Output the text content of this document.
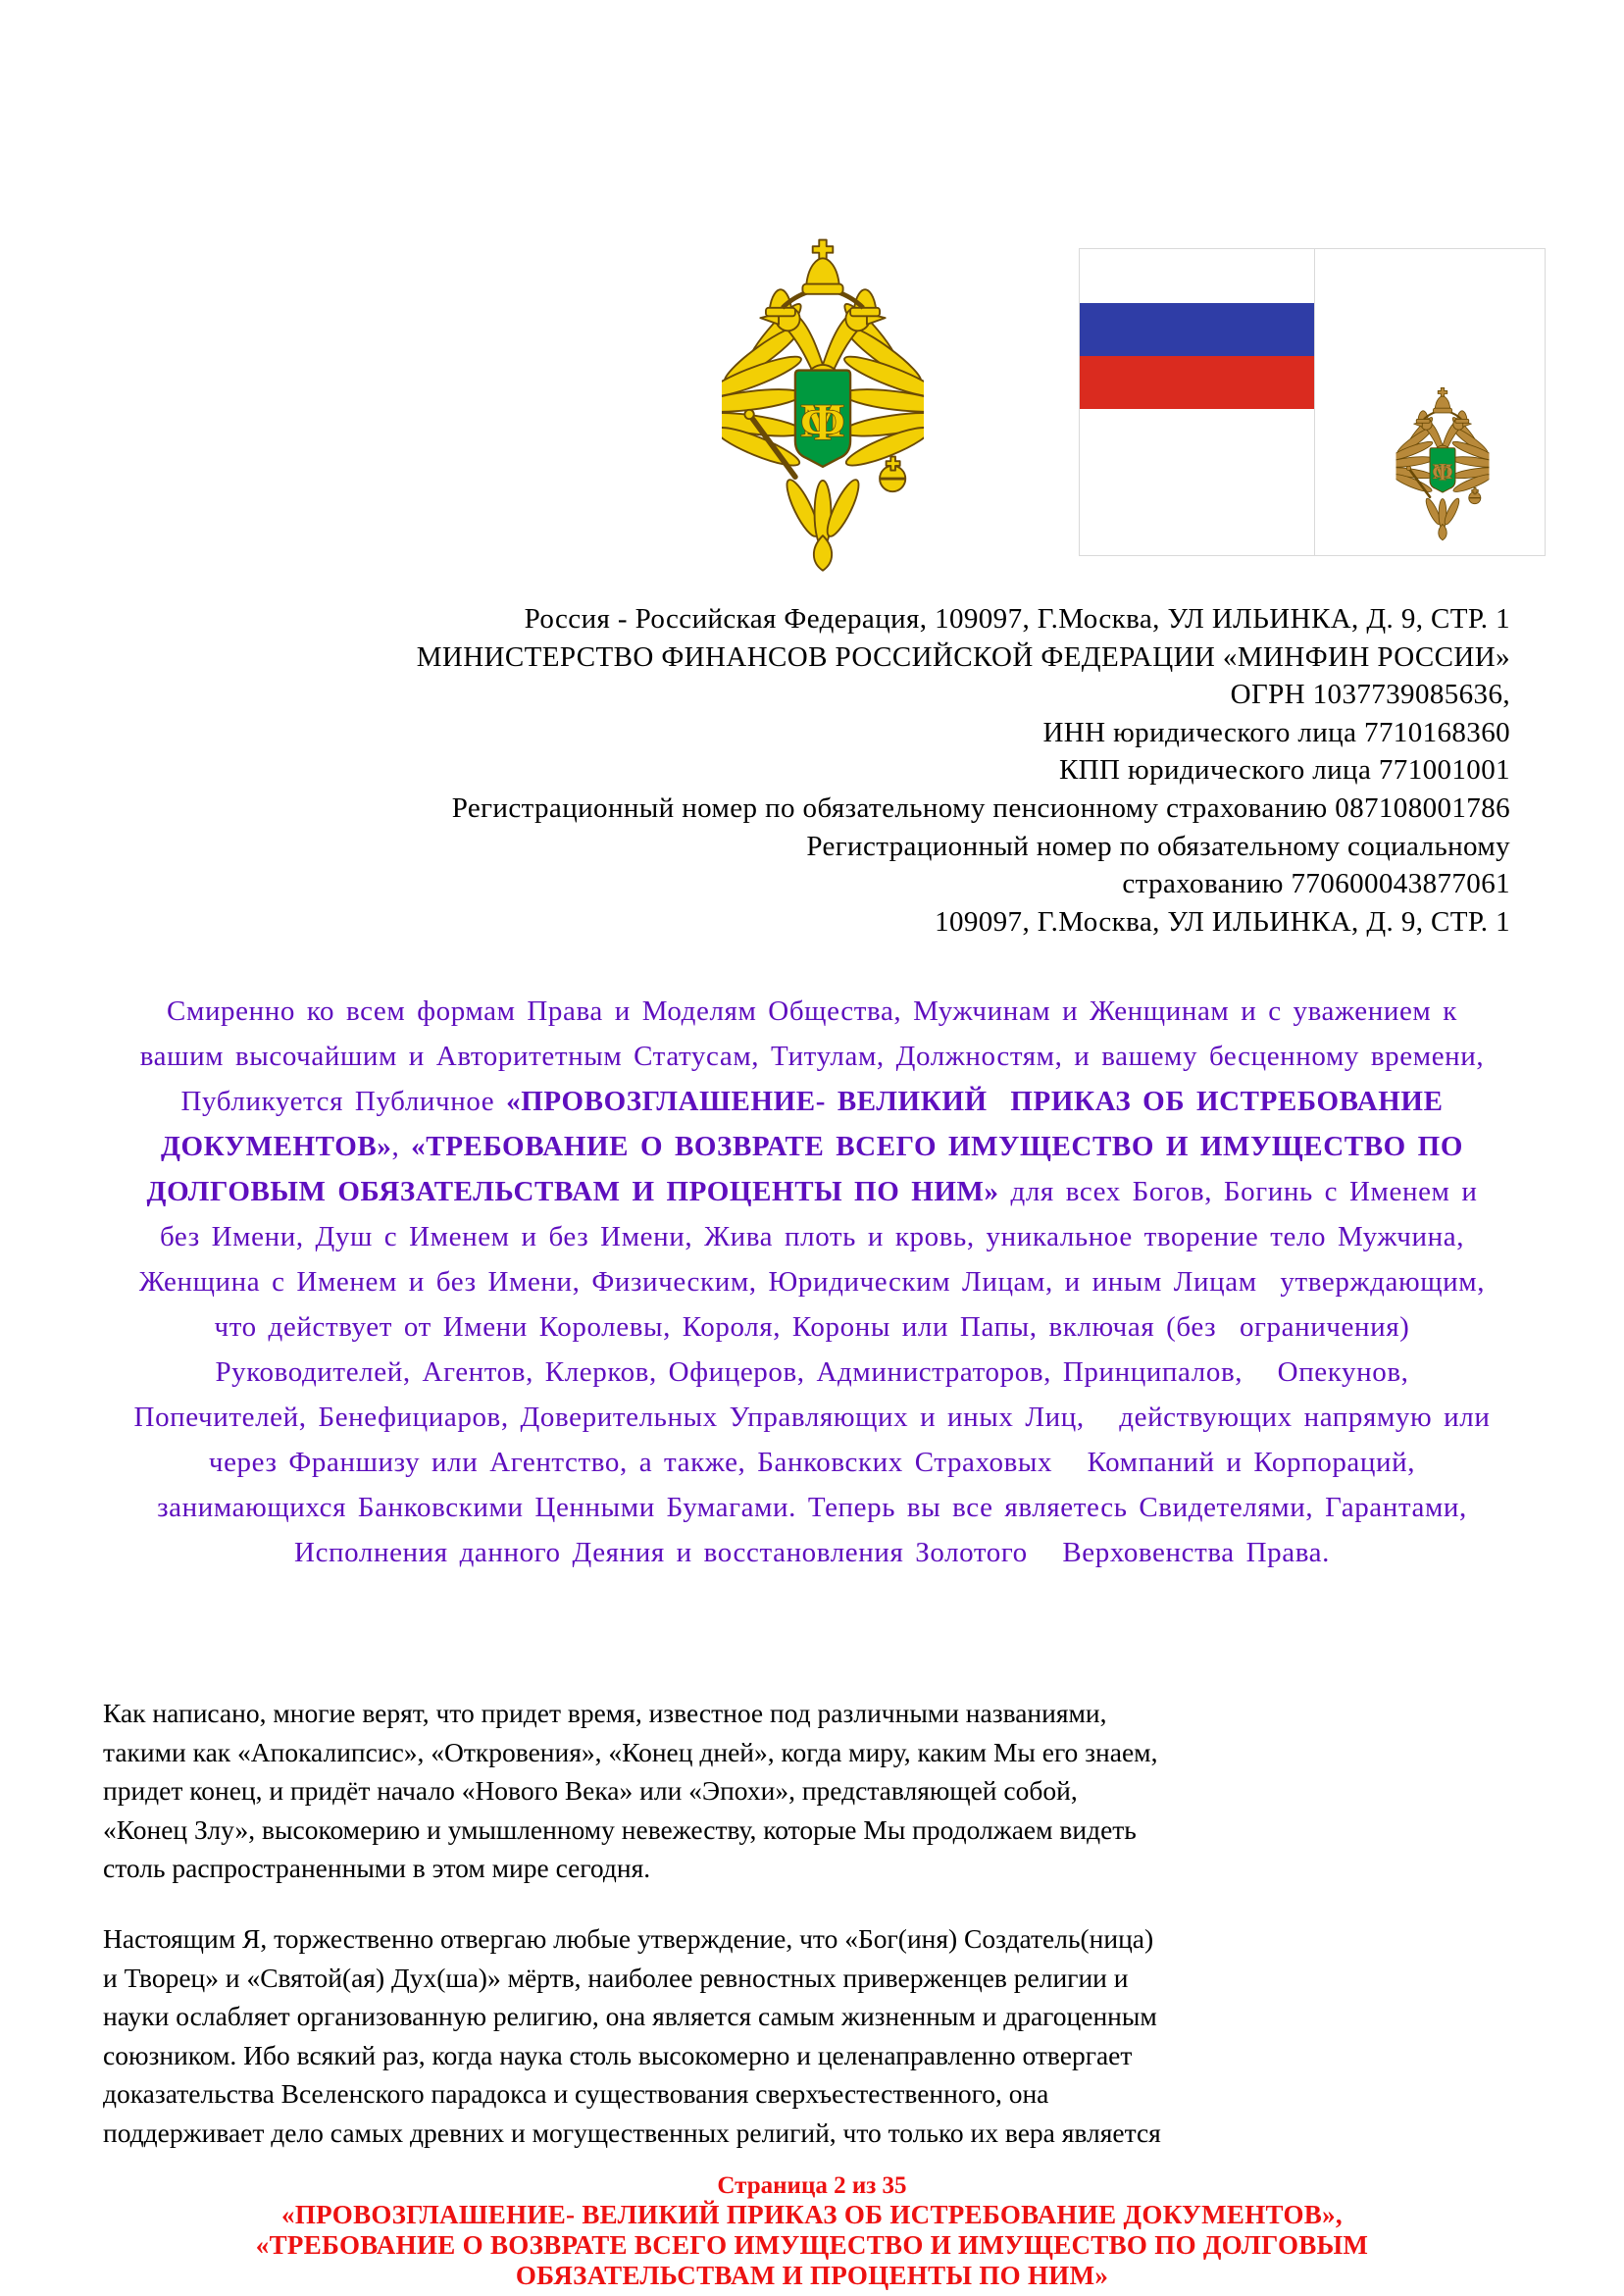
Россия - Российская Федерация, 109097, Г.Москва, УЛ ИЛЬИНКА, Д. 9, СТР. 1
МИНИСТЕРСТВО ФИНАНСОВ РОССИЙСКОЙ ФЕДЕРАЦИИ «МИНФИН РОССИИ»
ОГРН 1037739085636,
ИНН юридического лица 7710168360
КПП юридического лица 771001001
Регистрационный номер по обязательному пенсионному страхованию 087108001786
Регистрационный номер по обязательному социальному
страхованию 770600043877061
109097, Г.Москва, УЛ ИЛЬИНКА, Д. 9, СТР. 1
Смиренно ко всем формам Права и Моделям Общества, Мужчинам и Женщинам и с уважением к вашим высочайшим и Авторитетным Статусам, Титулам, Должностям, и вашему бесценному времени, Публикуется Публичное «ПРОВОЗГЛАШЕНИЕ- ВЕЛИКИЙ  ПРИКАЗ ОБ ИСТРЕБОВАНИЕ ДОКУМЕНТОВ», «ТРЕБОВАНИЕ О ВОЗВРАТЕ ВСЕГО ИМУЩЕСТВО И ИМУЩЕСТВО ПО ДОЛГОВЫМ ОБЯЗАТЕЛЬСТВАМ И ПРОЦЕНТЫ ПО НИМ» для всех Богов, Богинь с Именем и без Имени, Душ с Именем и без Имени, Жива плоть и кровь, уникальное творение тело Мужчина,  Женщина с Именем и без Имени, Физическим, Юридическим Лицам, и иным Лицам  утверждающим, что действует от Имени Королевы, Короля, Короны или Папы, включая (без  ограничения) Руководителей, Агентов, Клерков, Офицеров, Администраторов, Принципалов,   Опекунов, Попечителей, Бенефициаров, Доверительных Управляющих и иных Лиц,   действующих напрямую или через Франшизу или Агентство, а также, Банковских Страховых   Компаний и Корпораций, занимающихся Банковскими Ценными Бумагами. Теперь вы все являетесь Свидетелями, Гарантами, Исполнения данного Деяния и восстановления Золотого   Верховенства Права.
Как написано, многие верят, что придет время, известное под различными названиями, такими как «Апокалипсис», «Откровения», «Конец дней», когда миру, каким Мы его знаем, придет конец, и придёт начало «Нового Века» или «Эпохи», представляющей собой, «Конец Злу», высокомерию и умышленному невежеству, которые Мы продолжаем видеть столь распространенными в этом мире сегодня.
Настоящим Я, торжественно отвергаю любые утверждение, что «Бог(иня) Создатель(ница) и Творец» и «Святой(ая) Дух(ша)» мёртв, наиболее ревностных приверженцев религии и науки ослабляет организованную религию, она является самым жизненным и драгоценным союзником. Ибо всякий раз, когда наука столь высокомерно и целенаправленно отвергает доказательства Вселенского парадокса и существования сверхъестественного, она поддерживает дело самых древних и могущественных религий, что только их вера является
Страница 2 из 35
«ПРОВОЗГЛАШЕНИЕ- ВЕЛИКИЙ ПРИКАЗ ОБ ИСТРЕБОВАНИЕ ДОКУМЕНТОВ»,
«ТРЕБОВАНИЕ О ВОЗВРАТЕ ВСЕГО ИМУЩЕСТВО И ИМУЩЕСТВО ПО ДОЛГОВЫМ
ОБЯЗАТЕЛЬСТВАМ И ПРОЦЕНТЫ ПО НИМ»
